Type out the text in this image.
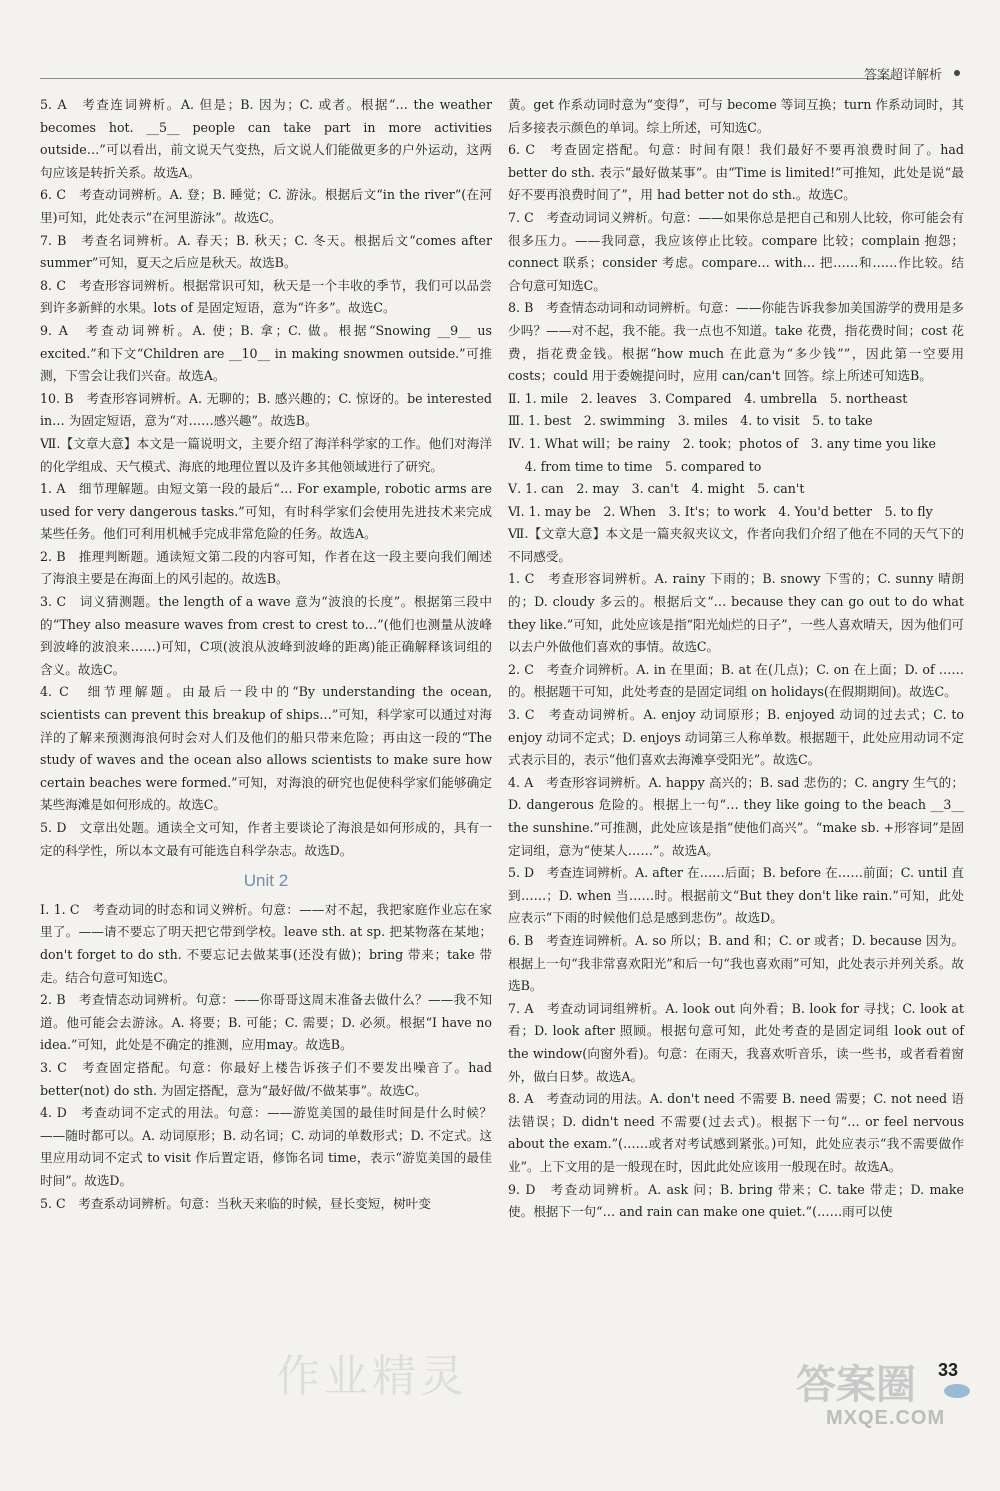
答案超详解析

5. A　考查连词辨析。A. 但是；B. 因为；C. 或者。根据“… the weather becomes hot. __5__ people can take part in more activities outside…”可以看出，前文说天气变热，后文说人们能做更多的户外运动，这两句应该是转折关系。故选A。

6. C　考查动词辨析。A. 登；B. 睡觉；C. 游泳。根据后文“in the river”(在河里)可知，此处表示“在河里游泳”。故选C。

7. B　考查名词辨析。A. 春天；B. 秋天；C. 冬天。根据后文“comes after summer”可知，夏天之后应是秋天。故选B。

8. C　考查形容词辨析。根据常识可知，秋天是一个丰收的季节，我们可以品尝到许多新鲜的水果。lots of 是固定短语，意为“许多”。故选C。

9. A　考查动词辨析。A. 使；B. 拿；C. 做。根据“Snowing __9__ us excited.”和下文“Children are __10__ in making snowmen outside.”可推测，下雪会让我们兴奋。故选A。

10. B　考查形容词辨析。A. 无聊的；B. 感兴趣的；C. 惊讶的。be interested in… 为固定短语，意为“对……感兴趣”。故选B。

Ⅶ.【文章大意】本文是一篇说明文，主要介绍了海洋科学家的工作。他们对海洋的化学组成、天气模式、海底的地理位置以及许多其他领域进行了研究。

1. A　细节理解题。由短文第一段的最后“… For example, robotic arms are used for very dangerous tasks.”可知，有时科学家们会使用先进技术来完成某些任务。他们可利用机械手完成非常危险的任务。故选A。

2. B　推理判断题。通读短文第二段的内容可知，作者在这一段主要向我们阐述了海浪主要是在海面上的风引起的。故选B。

3. C　词义猜测题。the length of a wave 意为“波浪的长度”。根据第三段中的“They also measure waves from crest to crest to…”(他们也测量从波峰到波峰的波浪来……)可知，C项(波浪从波峰到波峰的距离)能正确解释该词组的含义。故选C。

4. C　细节理解题。由最后一段中的“By understanding the ocean, scientists can prevent this breakup of ships…”可知，科学家可以通过对海洋的了解来预测海浪何时会对人们及他们的船只带来危险；再由这一段的“The study of waves and the ocean also allows scientists to make sure how certain beaches were formed.”可知，对海浪的研究也促使科学家们能够确定某些海滩是如何形成的。故选C。

5. D　文章出处题。通读全文可知，作者主要谈论了海浪是如何形成的，具有一定的科学性，所以本文最有可能选自科学杂志。故选D。

Unit 2

Ⅰ. 1. C　考查动词的时态和词义辨析。句意：——对不起，我把家庭作业忘在家里了。——请不要忘了明天把它带到学校。leave sth. at sp. 把某物落在某地；don't forget to do sth. 不要忘记去做某事(还没有做)；bring 带来；take 带走。结合句意可知选C。

2. B　考查情态动词辨析。句意：——你哥哥这周末准备去做什么？——我不知道。他可能会去游泳。A. 将要；B. 可能；C. 需要；D. 必须。根据“I have no idea.”可知，此处是不确定的推测，应用may。故选B。

3. C　考查固定搭配。句意：你最好上楼告诉孩子们不要发出噪音了。had better(not) do sth. 为固定搭配，意为“最好做/不做某事”。故选C。

4. D　考查动词不定式的用法。句意：——游览美国的最佳时间是什么时候？——随时都可以。A. 动词原形；B. 动名词；C. 动词的单数形式；D. 不定式。这里应用动词不定式 to visit 作后置定语，修饰名词 time，表示“游览美国的最佳时间”。故选D。

5. C　考查系动词辨析。句意：当秋天来临的时候，昼长变短，树叶变

黄。get 作系动词时意为“变得”，可与 become 等词互换；turn 作系动词时，其后多接表示颜色的单词。综上所述，可知选C。

6. C　考查固定搭配。句意：时间有限！我们最好不要再浪费时间了。had better do sth. 表示“最好做某事”。由“Time is limited!”可推知，此处是说“最好不要再浪费时间了”，用 had better not do sth.。故选C。

7. C　考查动词词义辨析。句意：——如果你总是把自己和别人比较，你可能会有很多压力。——我同意，我应该停止比较。compare 比较；complain 抱怨；connect 联系；consider 考虑。compare… with… 把……和……作比较。结合句意可知选C。

8. B　考查情态动词和动词辨析。句意：——你能告诉我参加美国游学的费用是多少吗？——对不起，我不能。我一点也不知道。take 花费，指花费时间；cost 花费，指花费金钱。根据“how much 在此意为“多少钱””，因此第一空要用 costs；could 用于委婉提问时，应用 can/can't 回答。综上所述可知选B。

Ⅱ. 1. mile　2. leaves　3. Compared　4. umbrella　5. northeast

Ⅲ. 1. best　2. swimming　3. miles　4. to visit　5. to take

Ⅳ. 1. What will；be rainy　2. took；photos of　3. any time you like

　 4. from time to time　5. compared to

Ⅴ. 1. can　2. may　3. can't　4. might　5. can't

Ⅵ. 1. may be　2. When　3. It's；to work　4. You'd better　5. to fly

Ⅶ.【文章大意】本文是一篇夹叙夹议文，作者向我们介绍了他在不同的天气下的不同感受。

1. C　考查形容词辨析。A. rainy 下雨的；B. snowy 下雪的；C. sunny 晴朗的；D. cloudy 多云的。根据后文“… because they can go out to do what they like.”可知，此处应该是指“阳光灿烂的日子”，一些人喜欢晴天，因为他们可以去户外做他们喜欢的事情。故选C。

2. C　考查介词辨析。A. in 在里面；B. at 在(几点)；C. on 在上面；D. of ……的。根据题干可知，此处考查的是固定词组 on holidays(在假期期间)。故选C。

3. C　考查动词辨析。A. enjoy 动词原形；B. enjoyed 动词的过去式；C. to enjoy 动词不定式；D. enjoys 动词第三人称单数。根据题干，此处应用动词不定式表示目的，表示“他们喜欢去海滩享受阳光”。故选C。

4. A　考查形容词辨析。A. happy 高兴的；B. sad 悲伤的；C. angry 生气的；D. dangerous 危险的。根据上一句“… they like going to the beach __3__ the sunshine.”可推测，此处应该是指“使他们高兴”。“make sb. +形容词”是固定词组，意为“使某人……”。故选A。

5. D　考查连词辨析。A. after 在……后面；B. before 在……前面；C. until 直到……；D. when 当……时。根据前文“But they don't like rain.”可知，此处应表示“下雨的时候他们总是感到悲伤”。故选D。

6. B　考查连词辨析。A. so 所以；B. and 和；C. or 或者；D. because 因为。根据上一句“我非常喜欢阳光”和后一句“我也喜欢雨”可知，此处表示并列关系。故选B。

7. A　考查动词词组辨析。A. look out 向外看；B. look for 寻找；C. look at 看；D. look after 照顾。根据句意可知，此处考查的是固定词组 look out of the window(向窗外看)。句意：在雨天，我喜欢听音乐，读一些书，或者看着窗外，做白日梦。故选A。

8. A　考查动词的用法。A. don't need 不需要 B. need 需要；C. not need 语法错误；D. didn't need 不需要(过去式)。根据下一句“… or feel nervous about the exam.”(……或者对考试感到紧张。)可知，此处应表示“我不需要做作业”。上下文用的是一般现在时，因此此处应该用一般现在时。故选A。

9. D　考查动词辨析。A. ask 问；B. bring 带来；C. take 带走；D. make 使。根据下一句“… and rain can make one quiet.”(……雨可以使

作业精灵	33
答案圈
MXQE.COM
